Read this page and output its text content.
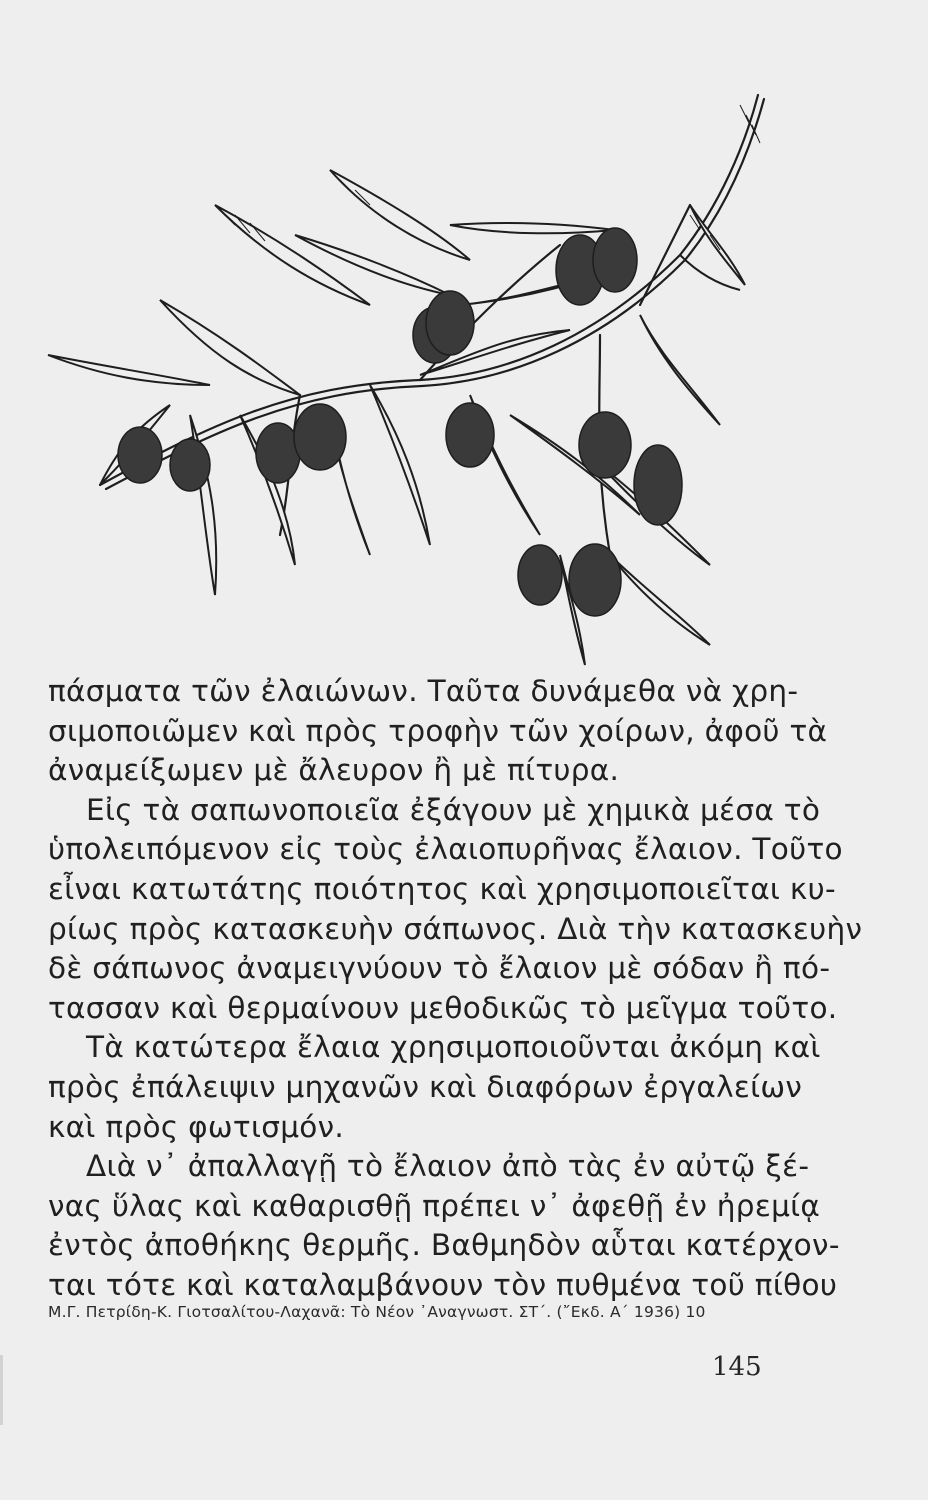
πάσματα τῶν ἐλαιώνων. Ταῦτα δυνάμεθα νὰ χρη-
σιμοποιῶμεν καὶ πρὸς τροφὴν τῶν χοίρων, ἀφοῦ τὰ
ἀναμείξωμεν μὲ ἄλευρον ἢ μὲ πίτυρα.
Εἰς τὰ σαπωνοποιεῖα ἐξάγουν μὲ χημικὰ μέσα τὸ
ὑπολειπόμενον εἰς τοὺς ἐλαιοπυρῆνας ἔλαιον. Τοῦτο
εἶναι κατωτάτης ποιότητος καὶ χρησιμοποιεῖται κυ-
ρίως πρὸς κατασκευὴν σάπωνος. Διὰ τὴν κατασκευὴν
δὲ σάπωνος ἀναμειγνύουν τὸ ἔλαιον μὲ σόδαν ἢ πό-
τασσαν καὶ θερμαίνουν μεθοδικῶς τὸ μεῖγμα τοῦτο.
Τὰ κατώτερα ἔλαια χρησιμοποιοῦνται ἀκόμη καὶ
πρὸς ἐπάλειψιν μηχανῶν καὶ διαφόρων ἐργαλείων
καὶ πρὸς φωτισμόν.
Διὰ ν᾽ ἀπαλλαγῇ τὸ ἔλαιον ἀπὸ τὰς ἐν αὐτῷ ξέ-
νας ὕλας καὶ καθαρισθῇ πρέπει ν᾽ ἀφεθῇ ἐν ἠρεμίᾳ
ἐντὸς ἀποθήκης θερμῆς. Βαθμηδὸν αὗται κατέρχον-
ται τότε καὶ καταλαμβάνουν τὸν πυθμένα τοῦ πίθου
Μ.Γ. Πετρίδη-Κ. Γιοτσαλίτου-Λαχανᾶ: Τὸ Νέον ᾿Αναγνωστ. ΣΤ΄. (῎Εκδ. Α΄ 1936) 10
145
